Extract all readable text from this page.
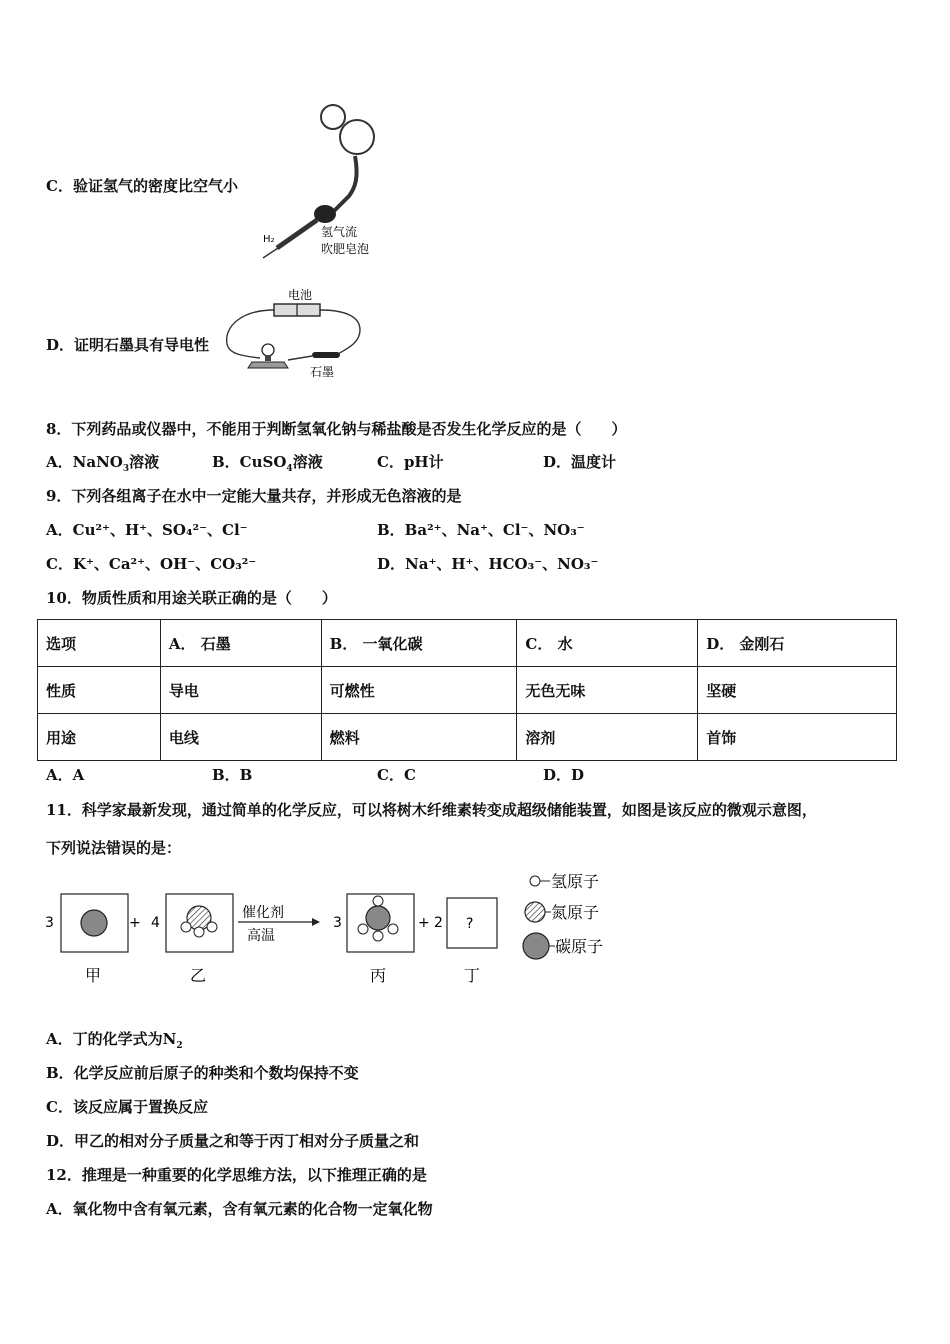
C．验证氢气的密度比空气小
H₂
氢气流
吹肥皂泡
D．证明石墨具有导电性
电池
石墨
8．下列药品或仪器中，不能用于判断氢氧化钠与稀盐酸是否发生化学反应的是（　　）
A．NaNO$_3$溶液	B．CuSO$_4$溶液	C．pH计	D．温度计
9．下列各组离子在水中一定能大量共存，并形成无色溶液的是
A．Cu²⁺、H⁺、SO₄²⁻、Cl⁻	B．Ba²⁺、Na⁺、Cl⁻、NO₃⁻
C．K⁺、Ca²⁺、OH⁻、CO₃²⁻	D．Na⁺、H⁺、HCO₃⁻、NO₃⁻
10．物质性质和用途关联正确的是（　　）
选项	A． 石墨	B． 一氧化碳	C． 水	D． 金刚石
性质	导电	可燃性	无色无味	坚硬
用途	电线	燃料	溶剂	首饰
A．A	B．B	C．C	D．D
11．科学家最新发现，通过简单的化学反应，可以将树木纤维素转变成超级储能装置，如图是该反应的微观示意图，
下列说法错误的是：
3
甲
+ 4
乙
催化剂
高温
3
丙
+ 2 ?
丁
氢原子
氮原子
碳原子
A．丁的化学式为$N_2$
B．化学反应前后原子的种类和个数均保持不变
C．该反应属于置换反应
D．甲乙的相对分子质量之和等于丙丁相对分子质量之和
12．推理是一种重要的化学思维方法，以下推理正确的是
A．氧化物中含有氧元素，含有氧元素的化合物一定氧化物
